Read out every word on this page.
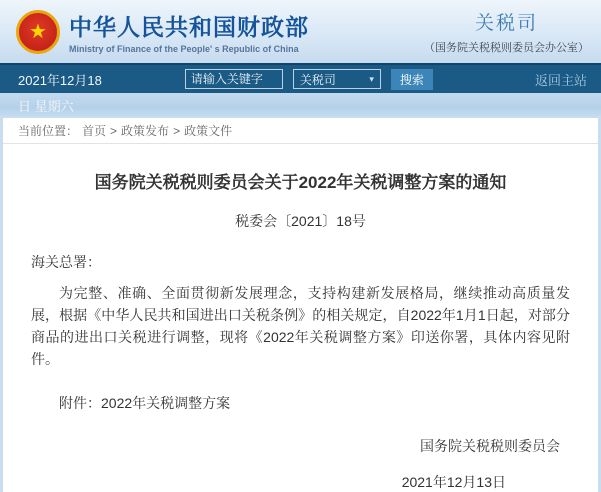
★ 中华人民共和国财政部
Ministry of Finance of the People' s Republic of China
关税司
（国务院关税税则委员会办公室）
2021年12月18
请输入关键字	关税司	▾	搜索	返回主站
日 星期六
当前位置： 首页 > 政策发布 > 政策文件
国务院关税税则委员会关于2022年关税调整方案的通知
税委会〔2021〕18号
海关总署：
为完整、准确、全面贯彻新发展理念，支持构建新发展格局，继续推动高质量发展，根据《中华人民共和国进出口关税条例》的相关规定，自2022年1月1日起，对部分商品的进出口关税进行调整，现将《2022年关税调整方案》印送你署，具体内容见附件。
附件：2022年关税调整方案
国务院关税税则委员会
2021年12月13日
